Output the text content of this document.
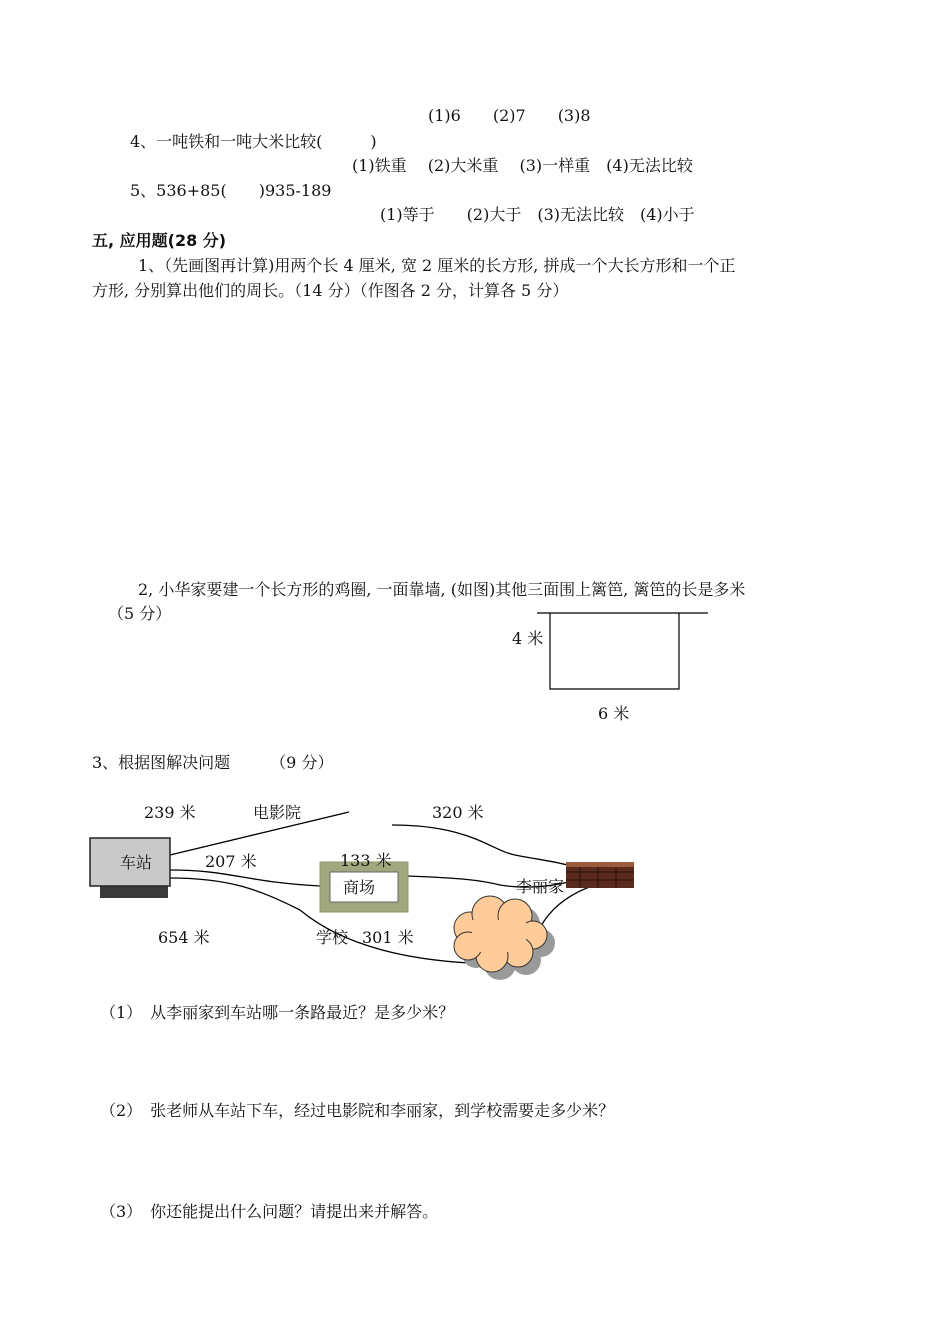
(1)6　　(2)7　　(3)8
4、一吨铁和一吨大米比较(　　　)
(1)铁重　 (2)大米重　 (3)一样重　(4)无法比较
5、536+85(　　)935-189
(1)等于　　(2)大于　(3)无法比较　(4)小于
五, 应用题(28 分)
1、（先画图再计算)用两个长 4 厘米, 宽 2 厘米的长方形, 拼成一个大长方形和一个正
方形, 分别算出他们的周长。（14 分）（作图各 2 分，计算各 5 分）
2, 小华家要建一个长方形的鸡圈, 一面靠墙, (如图)其他三面围上篱笆, 篱笆的长是多米
（5 分）
4 米
6 米
3、根据图解决问题　　　（9 分）
239 米	电影院	320 米
车站	207 米	133 米
商场	李丽家
654 米	学校 301 米
（1）　从李丽家到车站哪一条路最近？是多少米？
（2）　张老师从车站下车，经过电影院和李丽家，到学校需要走多少米？
（3）　你还能提出什么问题？请提出来并解答。
